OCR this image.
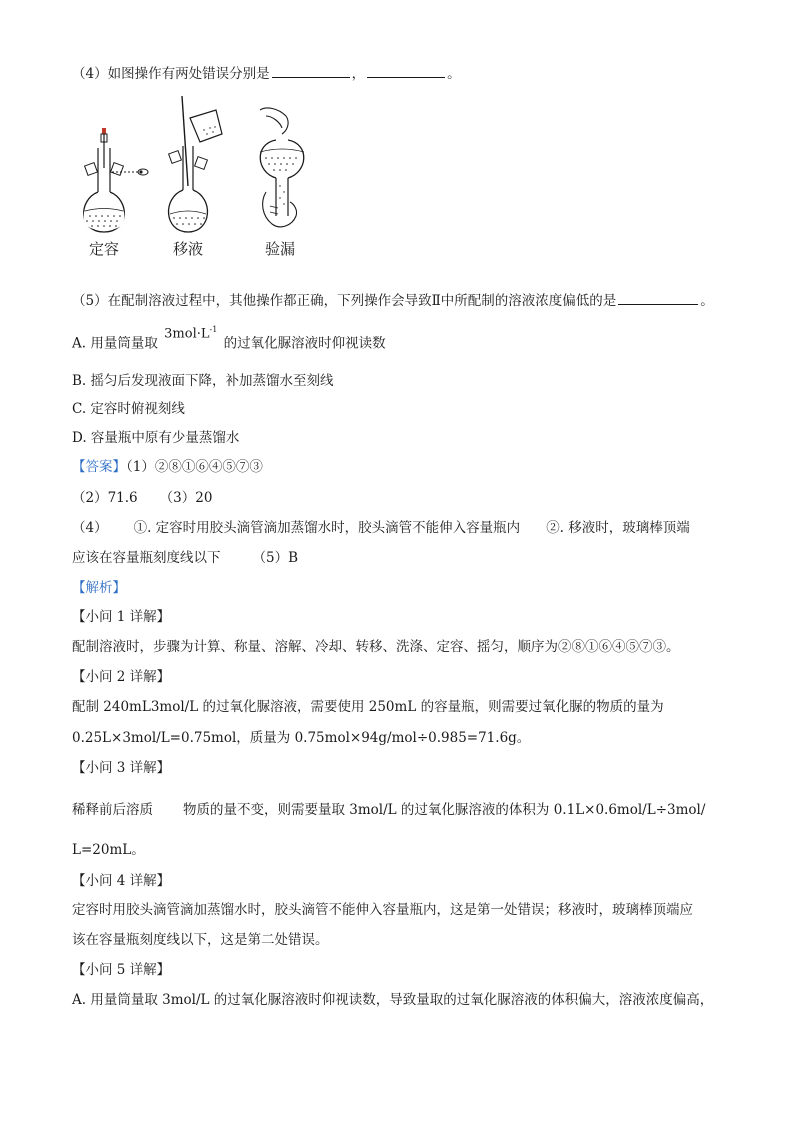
（4）如图操作有两处错误分别是	，	。
定容	移液	验漏
（5）在配制溶液过程中，其他操作都正确，下列操作会导致Ⅱ中所配制的溶液浓度偏低的是	。
A. 用量筒量取 $3mol\cdot L^{-1}$ 的过氧化脲溶液时仰视读数
B. 摇匀后发现液面下降，补加蒸馏水至刻线
C. 定容时俯视刻线
D. 容量瓶中原有少量蒸馏水
【答案】（1）②⑧①⑥④⑤⑦③
（2）71.6 （3）20
（4） ①. 定容时用胶头滴管滴加蒸馏水时，胶头滴管不能伸入容量瓶内 ②. 移液时，玻璃棒顶端
应该在容量瓶刻度线以下 （5）B
【解析】
【小问 1 详解】
配制溶液时，步骤为计算、称量、溶解、冷却、转移、洗涤、定容、摇匀，顺序为②⑧①⑥④⑤⑦③。
【小问 2 详解】
配制 240mL3mol/L 的过氧化脲溶液，需要使用 250mL 的容量瓶，则需要过氧化脲的物质的量为
0.25L×3mol/L=0.75mol，质量为 0.75mol×94g/mol÷0.985=71.6g。
【小问 3 详解】
稀释前后溶质 物质的量不变，则需要量取 3mol/L 的过氧化脲溶液的体积为 0.1L×0.6mol/L÷3mol/
L=20mL。
【小问 4 详解】
定容时用胶头滴管滴加蒸馏水时，胶头滴管不能伸入容量瓶内，这是第一处错误；移液时，玻璃棒顶端应
该在容量瓶刻度线以下，这是第二处错误。
【小问 5 详解】
A. 用量筒量取 3mol/L 的过氧化脲溶液时仰视读数，导致量取的过氧化脲溶液的体积偏大，溶液浓度偏高，
